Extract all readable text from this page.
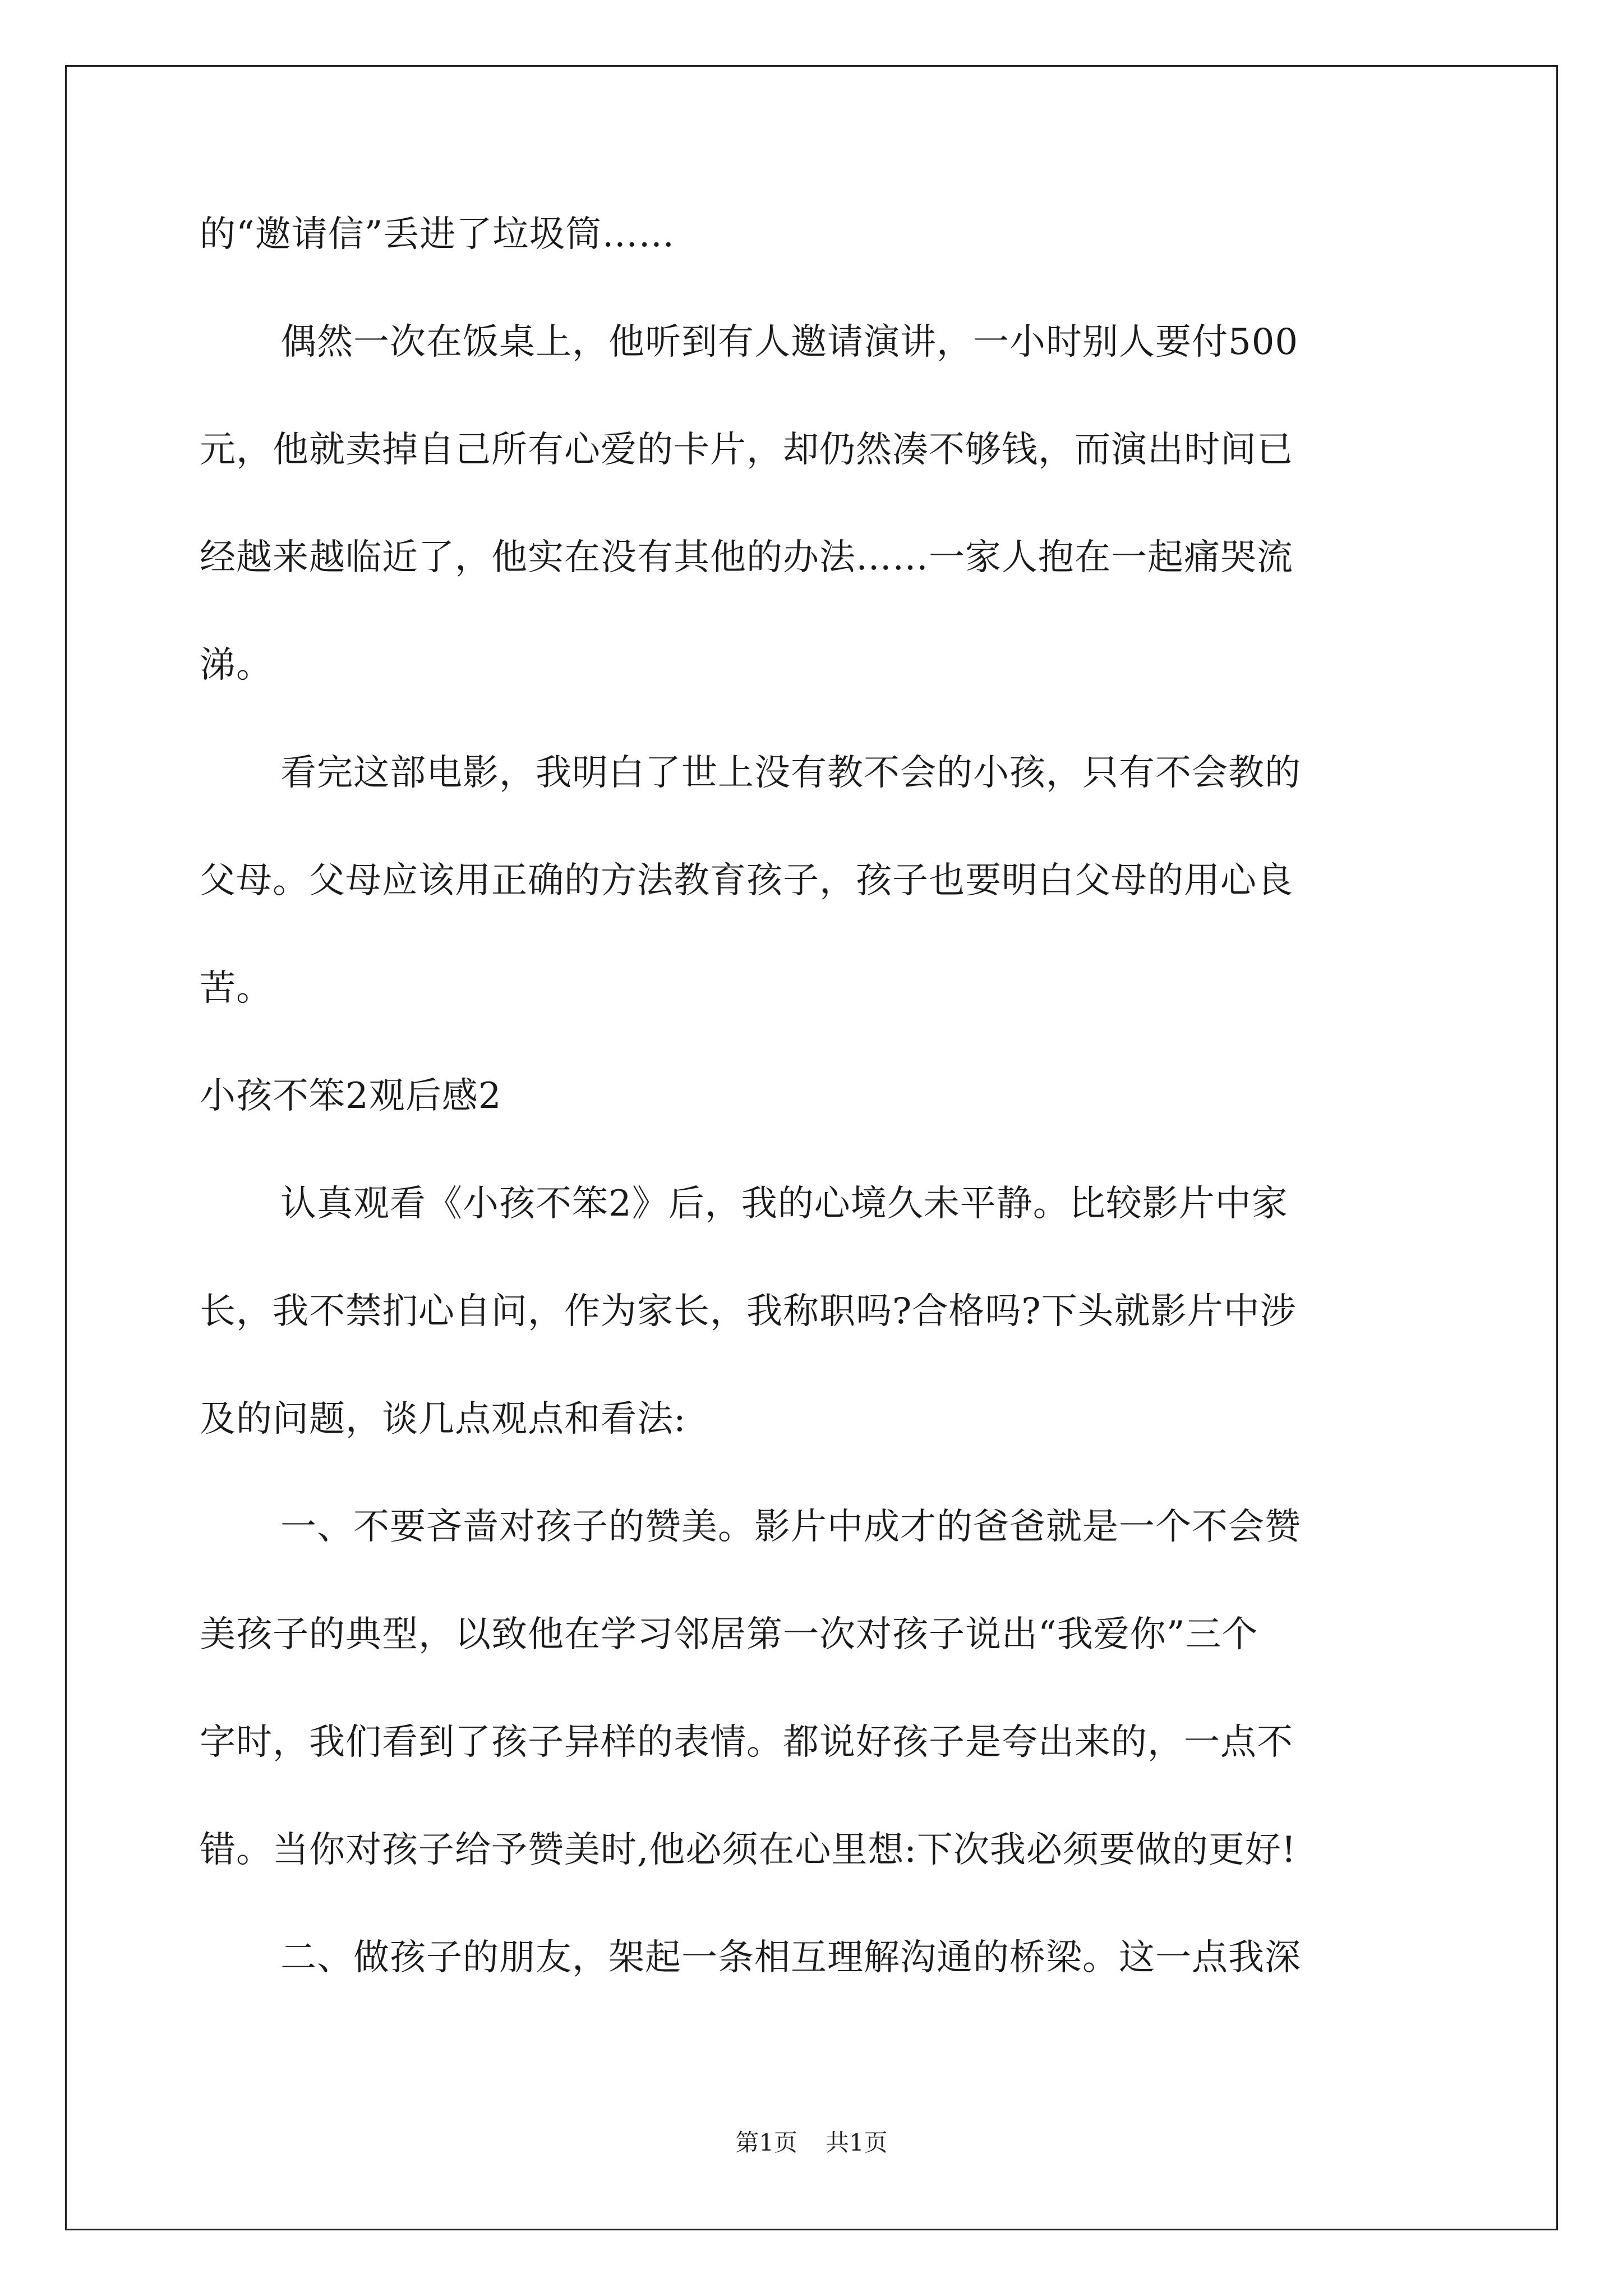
的“邀请信”丢进了垃圾筒……
偶然一次在饭桌上，他听到有人邀请演讲，一小时别人要付500
元，他就卖掉自己所有心爱的卡片，却仍然凑不够钱，而演出时间已
经越来越临近了，他实在没有其他的办法……一家人抱在一起痛哭流
涕。
看完这部电影，我明白了世上没有教不会的小孩，只有不会教的
父母。父母应该用正确的方法教育孩子，孩子也要明白父母的用心良
苦。
小孩不笨2观后感2
认真观看《小孩不笨2》后，我的心境久未平静。比较影片中家
长，我不禁扪心自问，作为家长，我称职吗?合格吗?下头就影片中涉
及的问题，谈几点观点和看法:
一、不要吝啬对孩子的赞美。影片中成才的爸爸就是一个不会赞
美孩子的典型，以致他在学习邻居第一次对孩子说出“我爱你”三个
字时，我们看到了孩子异样的表情。都说好孩子是夸出来的，一点不
错。当你对孩子给予赞美时,他必须在心里想:下次我必须要做的更好!
二、做孩子的朋友，架起一条相互理解沟通的桥梁。这一点我深
第1页 共1页
